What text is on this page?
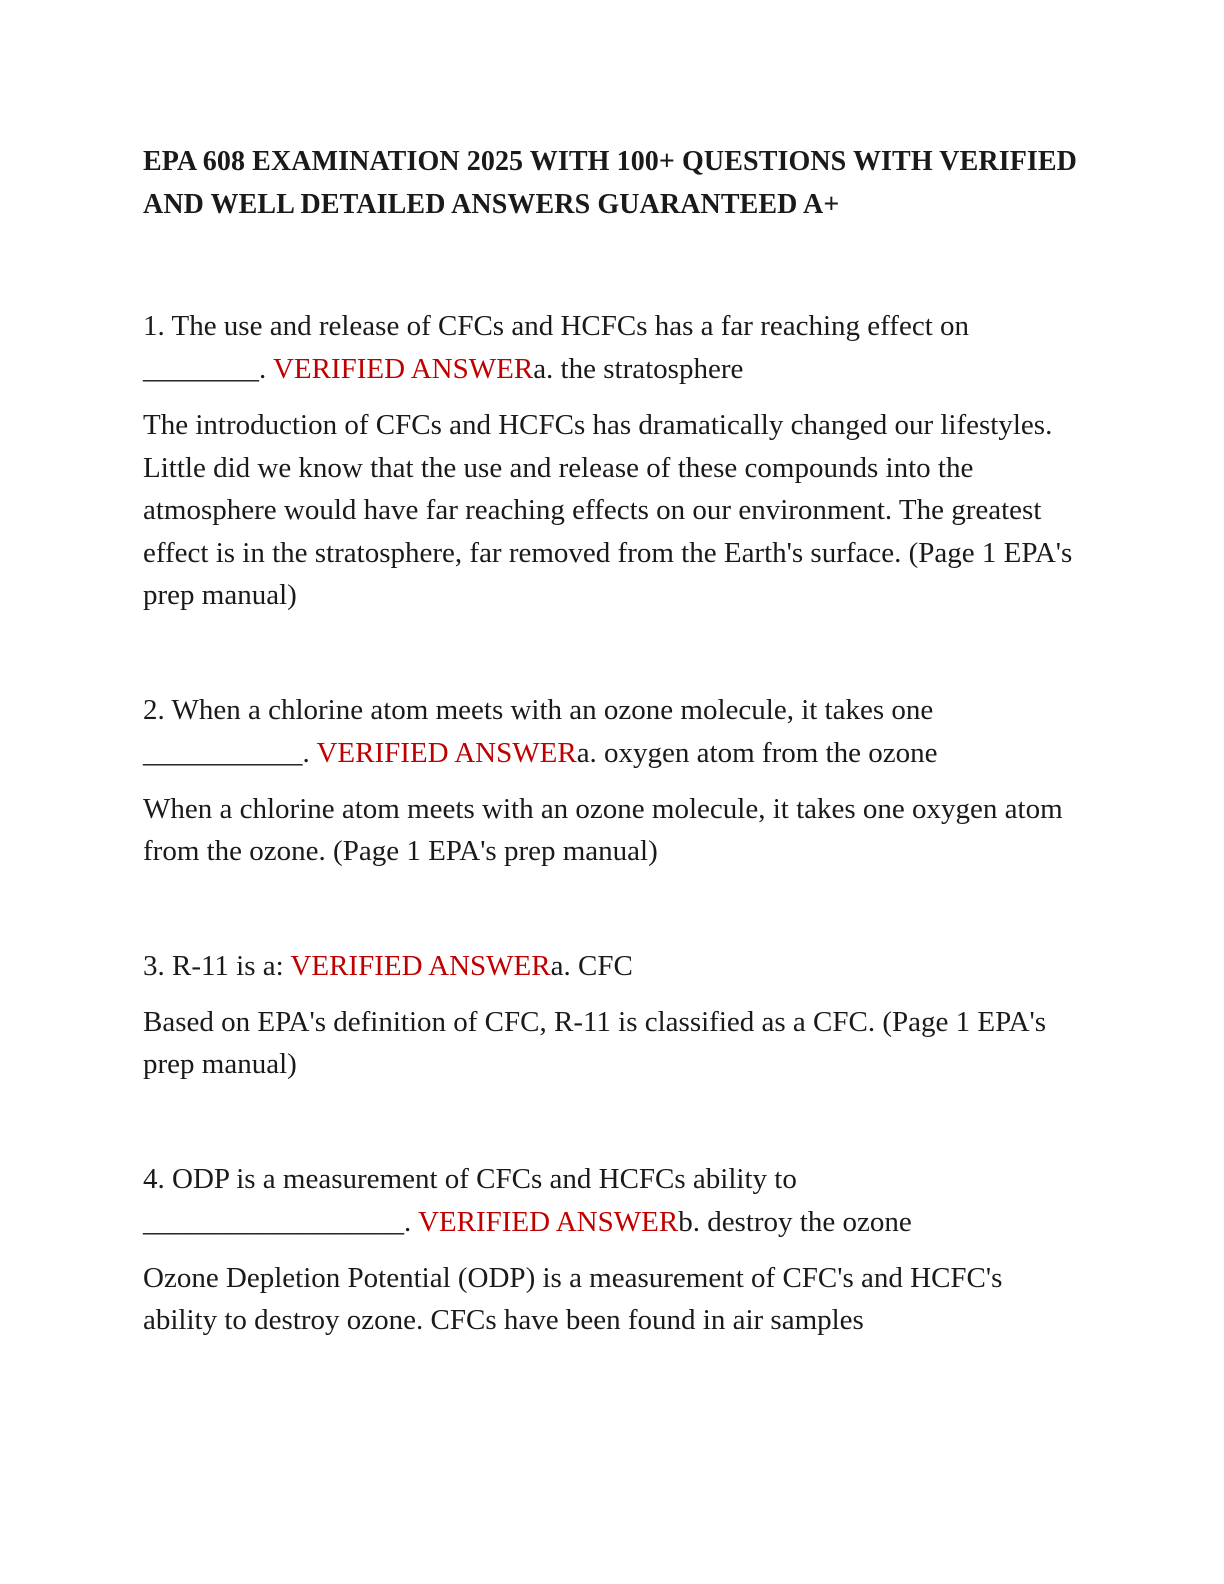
EPA 608 EXAMINATION 2025 WITH 100+ QUESTIONS WITH VERIFIED AND WELL DETAILED ANSWERS GUARANTEED A+

1. The use and release of CFCs and HCFCs has a far reaching effect on
________. VERIFIED ANSWERa. the stratosphere

The introduction of CFCs and HCFCs has dramatically changed our lifestyles. Little did we know that the use and release of these compounds into the atmosphere would have far reaching effects on our environment. The greatest effect is in the stratosphere, far removed from the Earth's surface. (Page 1 EPA's prep manual)

2. When a chlorine atom meets with an ozone molecule, it takes one
___________. VERIFIED ANSWERa. oxygen atom from the ozone

When a chlorine atom meets with an ozone molecule, it takes one oxygen atom from the ozone. (Page 1 EPA's prep manual)

3. R-11 is a: VERIFIED ANSWERa. CFC

Based on EPA's definition of CFC, R-11 is classified as a CFC. (Page 1 EPA's prep manual)

4. ODP is a measurement of CFCs and HCFCs ability to
__________________. VERIFIED ANSWERb. destroy the ozone

Ozone Depletion Potential (ODP) is a measurement of CFC's and HCFC's ability to destroy ozone. CFCs have been found in air samples
